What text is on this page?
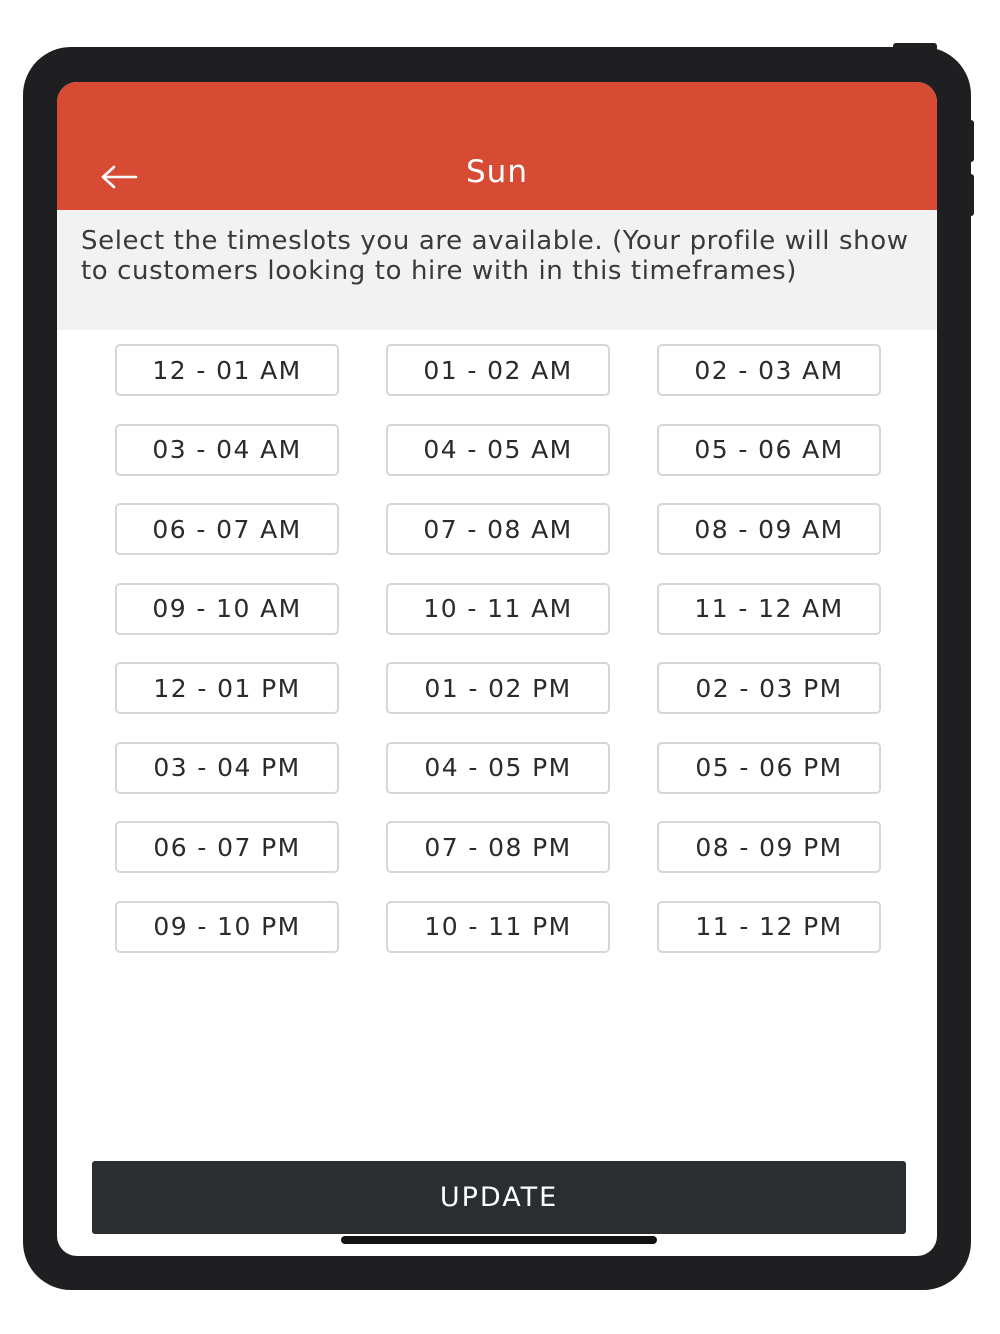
Sun
Select the timeslots you are available. (Your profile will show to customers looking to hire with in this timeframes)
12 - 01 AM	01 - 02 AM	02 - 03 AM
03 - 04 AM	04 - 05 AM	05 - 06 AM
06 - 07 AM	07 - 08 AM	08 - 09 AM
09 - 10 AM	10 - 11 AM	11 - 12 AM
12 - 01 PM	01 - 02 PM	02 - 03 PM
03 - 04 PM	04 - 05 PM	05 - 06 PM
06 - 07 PM	07 - 08 PM	08 - 09 PM
09 - 10 PM	10 - 11 PM	11 - 12 PM
UPDATE
